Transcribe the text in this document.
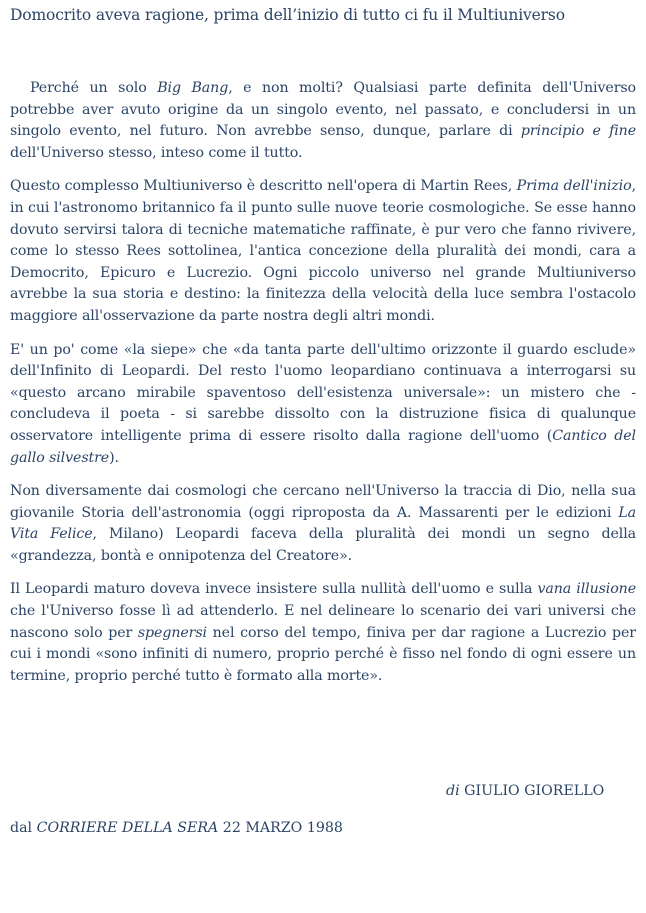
Domocrito aveva ragione, prima dell’inizio di tutto ci fu il Multiuniverso

Perché un solo Big Bang, e non molti? Qualsiasi parte definita dell'Universo potrebbe aver avuto origine da un singolo evento, nel passato, e concludersi in un singolo evento, nel futuro. Non avrebbe senso, dunque, parlare di principio e fine dell'Universo stesso, inteso come il tutto.

Questo complesso Multiuniverso è descritto nell'opera di Martin Rees, Prima dell'inizio, in cui l'astronomo britannico fa il punto sulle nuove teorie cosmologiche. Se esse hanno dovuto servirsi talora di tecniche matematiche raffinate, è pur vero che fanno rivivere, come lo stesso Rees sottolinea, l'antica concezione della pluralità dei mondi, cara a Democrito, Epicuro e Lucrezio. Ogni piccolo universo nel grande Multiuniverso avrebbe la sua storia e destino: la finitezza della velocità della luce sembra l'ostacolo maggiore all'osservazione da parte nostra degli altri mondi.

E' un po' come «la siepe» che «da tanta parte dell'ultimo orizzonte il guardo esclude» dell'Infinito di Leopardi. Del resto l'uomo leopardiano continuava a interrogarsi su «questo arcano mirabile spaventoso dell'esistenza universale»: un mistero che - concludeva il poeta - si sarebbe dissolto con la distruzione fisica di qualunque osservatore intelligente prima di essere risolto dalla ragione dell'uomo (Cantico del gallo silvestre).

Non diversamente dai cosmologi che cercano nell'Universo la traccia di Dio, nella sua giovanile Storia dell'astronomia (oggi riproposta da A. Massarenti per le edizioni La Vita Felice, Milano) Leopardi faceva della pluralità dei mondi un segno della «grandezza, bontà e onnipotenza del Creatore».

Il Leopardi maturo doveva invece insistere sulla nullità dell'uomo e sulla vana illusione che l'Universo fosse lì ad attenderlo. E nel delineare lo scenario dei vari universi che nascono solo per spegnersi nel corso del tempo, finiva per dar ragione a Lucrezio per cui i mondi «sono infiniti di numero, proprio perché è fisso nel fondo di ogni essere un termine, proprio perché tutto è formato alla morte».

di GIULIO GIORELLO
dal CORRIERE DELLA SERA 22 MARZO 1988
